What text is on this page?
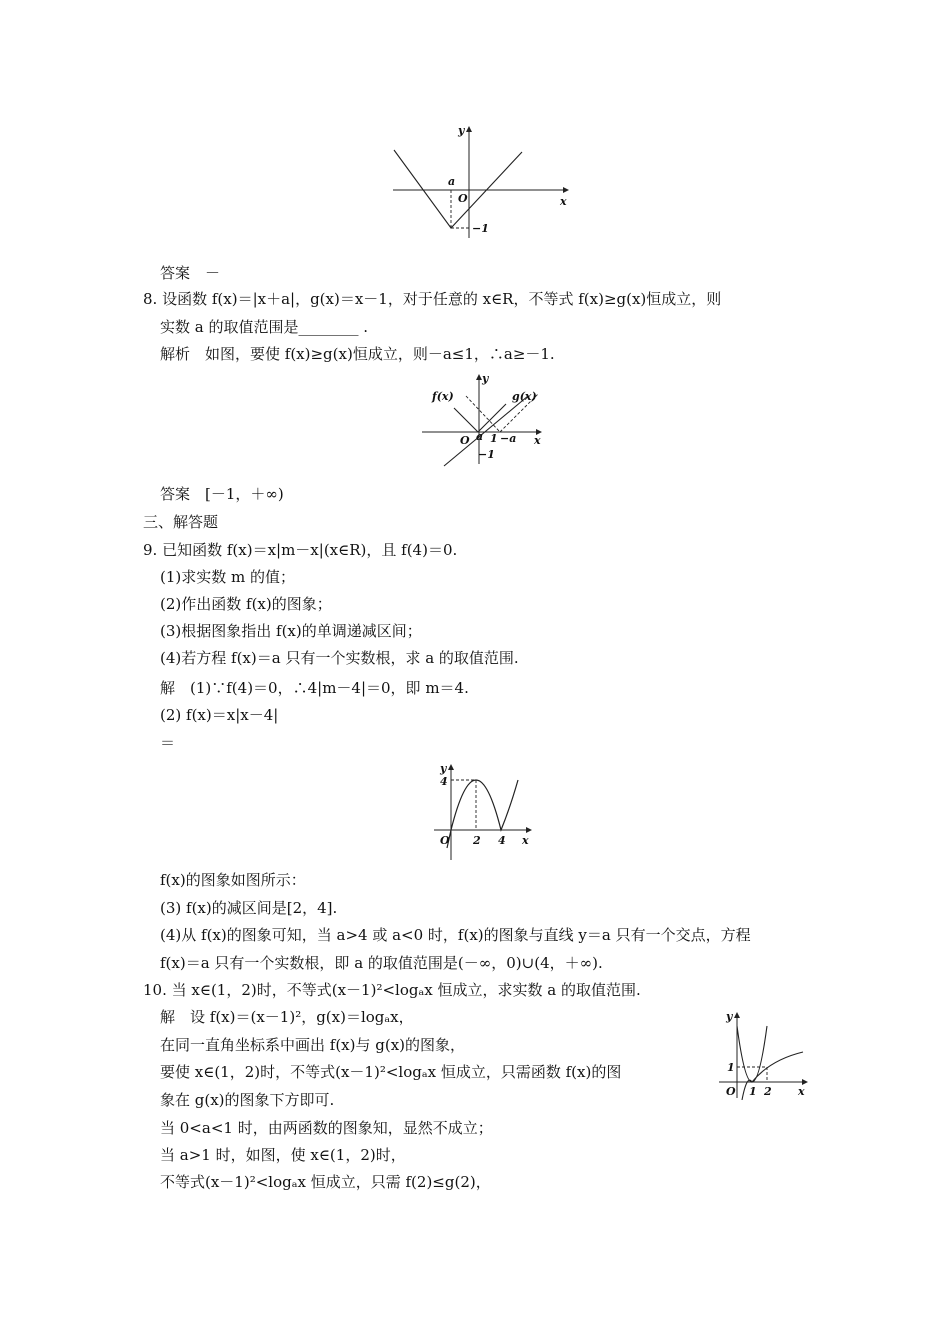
y
a
O	x
−1
答案　－
8. 设函数 f(x)＝|x＋a|，g(x)＝x－1，对于任意的 x∈R，不等式 f(x)≥g(x)恒成立，则
实数 a 的取值范围是________ .
解析　如图，要使 f(x)≥g(x)恒成立，则－a≤1，∴a≥－1.
f(x)	g(x)
y
O a 1 −a x
−1
答案　[－1，＋∞)
三、解答题
9. 已知函数 f(x)＝x|m－x|(x∈R)，且 f(4)＝0.
(1)求实数 m 的值；
(2)作出函数 f(x)的图象；
(3)根据图象指出 f(x)的单调递减区间；
(4)若方程 f(x)＝a 只有一个实数根，求 a 的取值范围.
解　(1)∵f(4)＝0，∴4|m－4|＝0，即 m＝4.
(2) f(x)＝x|x－4|
＝
y
4
O 2 4 x
f(x)的图象如图所示：
(3) f(x)的减区间是[2，4].
(4)从 f(x)的图象可知，当 a>4 或 a<0 时，f(x)的图象与直线 y＝a 只有一个交点，方程
f(x)＝a 只有一个实数根，即 a 的取值范围是(－∞，0)∪(4，＋∞).
10. 当 x∈(1，2)时，不等式(x－1)²<logₐx 恒成立，求实数 a 的取值范围.
解　设 f(x)＝(x－1)²，g(x)＝logₐx，
在同一直角坐标系中画出 f(x)与 g(x)的图象，
要使 x∈(1，2)时，不等式(x－1)²<logₐx 恒成立，只需函数 f(x)的图
象在 g(x)的图象下方即可.
当 0<a<1 时，由两函数的图象知，显然不成立；
当 a>1 时，如图，使 x∈(1，2)时，
不等式(x－1)²<logₐx 恒成立，只需 f(2)≤g(2)，
y
1
O 1 2 x
